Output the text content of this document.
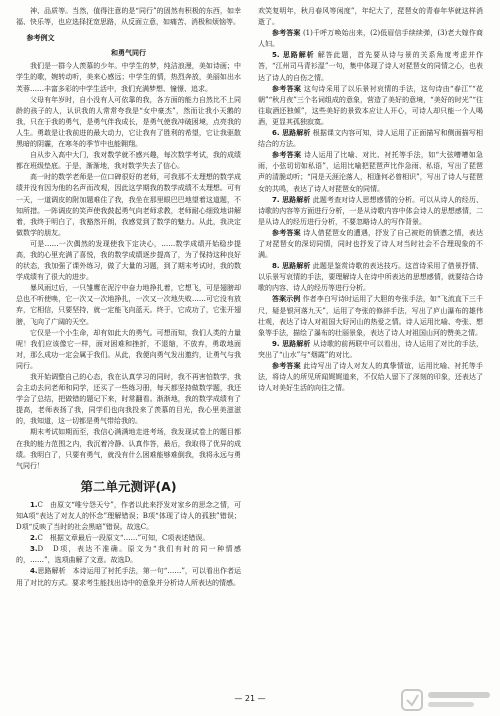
神、品质等。当然，值得注意的是“同行”的固然有积极的东西，如幸福、快乐等，也应选择抚宽思路，从反面立意，如痛苦、消极和烦恼等。

参考例文
和勇气同行

我们是一群今人羡慕的少年。中学生的梦，纯洁浪漫，美如诗画；中学生的歌，婉转动听，美来心感远；中学生的情，热烈奔放，美丽如出水芙蓉……丰富多彩的中学生活中，我们充满梦想、憧憬、追求。

父母有年岁时，自小没有人可依靠的我，各方面的能力自然比不上同龄的孩子的人，认识我的人常常夸我是“女中豪杰”，然而让我小天鹅的我，只在于我的勇气，是勇气伴我成长，是勇气使我冲破困境，点亮我的人生。勇敢是让我前进的最大动力，它让我有了胜利的希望，它让我驱散黑暗的阴霾，在寒冬的季节中也能翱翔。

自从步入高中大门，我对数学就不感兴趣，每次数学考试，我的成绩都在班级垫底。于是，渐渐地，我对数学失去了信心。

高一时的数学老师是一位口碑很好的老师，可我那不太理想的数学成绩并没有因为他的名声而改观，因此这学期我的数学成绩不太理想。可有一天，一道调皮的附加题难住了我，我坐在那里眼巴巴地望着这道题，不知所措。一阵调皮的笑声使我鼓起勇气向老师求教，老师耐心细致地讲解着，我终于明白了，我豁然开朗，我感觉到了数学的魅力。从此，我决定做数学的朋友。

可是……一次偶然的发现使我下定决心，……数学成绩开始稳步提高，我的心里充满了喜悦，我的数学成绩逐步提高了，为了保持这种良好的状态，我加强了课外练习，做了大量的习题，到了期末考试时，我的数学成绩有了很大的进步。

暴风雨过后，一只雏鹰在泥泞中奋力地挣扎着，它想飞，可是翅膀却总也不听使唤，它一次又一次地挣扎，一次又一次地失败……可它没有放弃，它相信，只要坚持，就一定能飞向蓝天。终于，它成功了，它张开翅膀，飞向了广阔的天空。

它仅是一个小生命，却有如此大的勇气。可想而知，我们人类的力量呢！我们应该像它一样，面对困难和挫折，不退缩，不放弃，勇敢地面对，那么成功一定会属于我们。从此，我便向勇气发出邀约，让勇气与我同行。

我开始调整自己的心态，我在认真学习的同时，我不再害怕数学，我会主动去问老师和同学，还买了一些练习册，每天都坚持做数学题，我还学会了总结，把做错的题记下来，时常翻看。渐渐地，我的数学成绩有了提高，老师表扬了我，同学们也向我投来了羡慕的目光，我心里美滋滋的，我知道，这一切都是勇气带给我的。

期末考试如期而至，我信心满满地走进考场，我发现试卷上的题目都在我的能力范围之内，我沉着冷静、认真作答，最后，我取得了优异的成绩。我明白了，只要有勇气，就没有什么困难能够难倒我，我将永远与勇气同行！

第二单元测评(A)

1.C　由原文“唯兮怨天兮”，作者以此来抒发对家乡的思念之情，可知A项“表达了对友人的怀念”理解错误；B项“体现了诗人的孤独”错误；D项“反映了当时的社会黑暗”错误。故选C。

2.C　根据文章最后一段原文“……”可知，C项表述错误。

3.D　D项，表达不准确。原文为“我们有时的同一种情感的，……”，选项曲解了文意。故选D。

4.思路解析　本诗运用了衬托手法，第一句“……”，可以看出作者运用了对比的方式。要求考生能找出诗中的意象并分析诗人所表达的情感。

欢笑复明年，秋月春风等闲度”，年纪大了，琵琶女的青春年华就这样消逝了。

参考答案 (1)千呼万唤始出来，(2)低眉信手续续弹，(3)老大嫁作商人妇。

5. 思路解析 解答此题，首先要从诗与景的关系角度考虑并作答，“江州司马青衫湿”一句，集中体现了诗人对琵琶女的同情之心，也表达了诗人的自伤之情。

参考答案 这句诗采用了以乐景衬哀情的手法，这句诗由“春江”“花朝”“秋月夜”三个名词组成的意象，营造了美好的意境，“美好的时光”“往往取酒还独倾”，这些美好的景致本应让人开心，可诗人却只能一个人喝酒，更显其孤独寂寞。

6. 思路解析 根据课文内容可知，诗人运用了正面描写和侧面描写相结合的方法。

参考答案 诗人运用了比喻、对比、衬托等手法，如“大弦嘈嘈如急雨，小弦切切如私语”，运用比喻把琵琶声比作急雨、私语，写出了琵琶声的清脆动听；“同是天涯沦落人，相逢何必曾相识”，写出了诗人与琵琶女的共鸣，表达了诗人对琵琶女的同情。

7. 思路解析 此题考查对诗人思想感情的分析。可以从诗人的经历、诗歌的内容等方面进行分析，一是从诗歌内容中体会诗人的思想感情，二是从诗人的经历进行分析，不要忽略诗人的写作背景。

参考答案 诗人借琵琶女的遭遇，抒发了自己被贬的愤懑之情，表达了对琵琶女的深切同情，同时也抒发了诗人对当时社会不合理现象的不满。

8. 思路解析 此题是鉴赏诗歌的表达技巧。这首诗采用了借景抒情、以乐景写哀情的手法，要理解诗人在诗中所表达的思想感情，就要结合诗歌的内容、诗人的经历等进行分析。

答案示例 作者李白写诗时运用了大胆的夸张手法，如“飞流直下三千尺，疑是银河落九天”，运用了夸张的修辞手法，写出了庐山瀑布的雄伟壮观，表达了诗人对祖国大好河山的热爱之情。诗人运用比喻、夸张、想象等手法，描绘了瀑布的壮丽景象，表达了诗人对祖国山河的赞美之情。

9. 思路解析 从诗歌的前两联中可以看出，诗人运用了对比的手法，突出了“山水”与“烟霞”的对比。

参考答案 此诗写出了诗人对友人的真挚情谊，运用比喻、衬托等手法，将诗人的所见所闻娓娓道来，不仅给人留下了深刻的印象，还表达了诗人对美好生活的向往之情。

— 21 —
